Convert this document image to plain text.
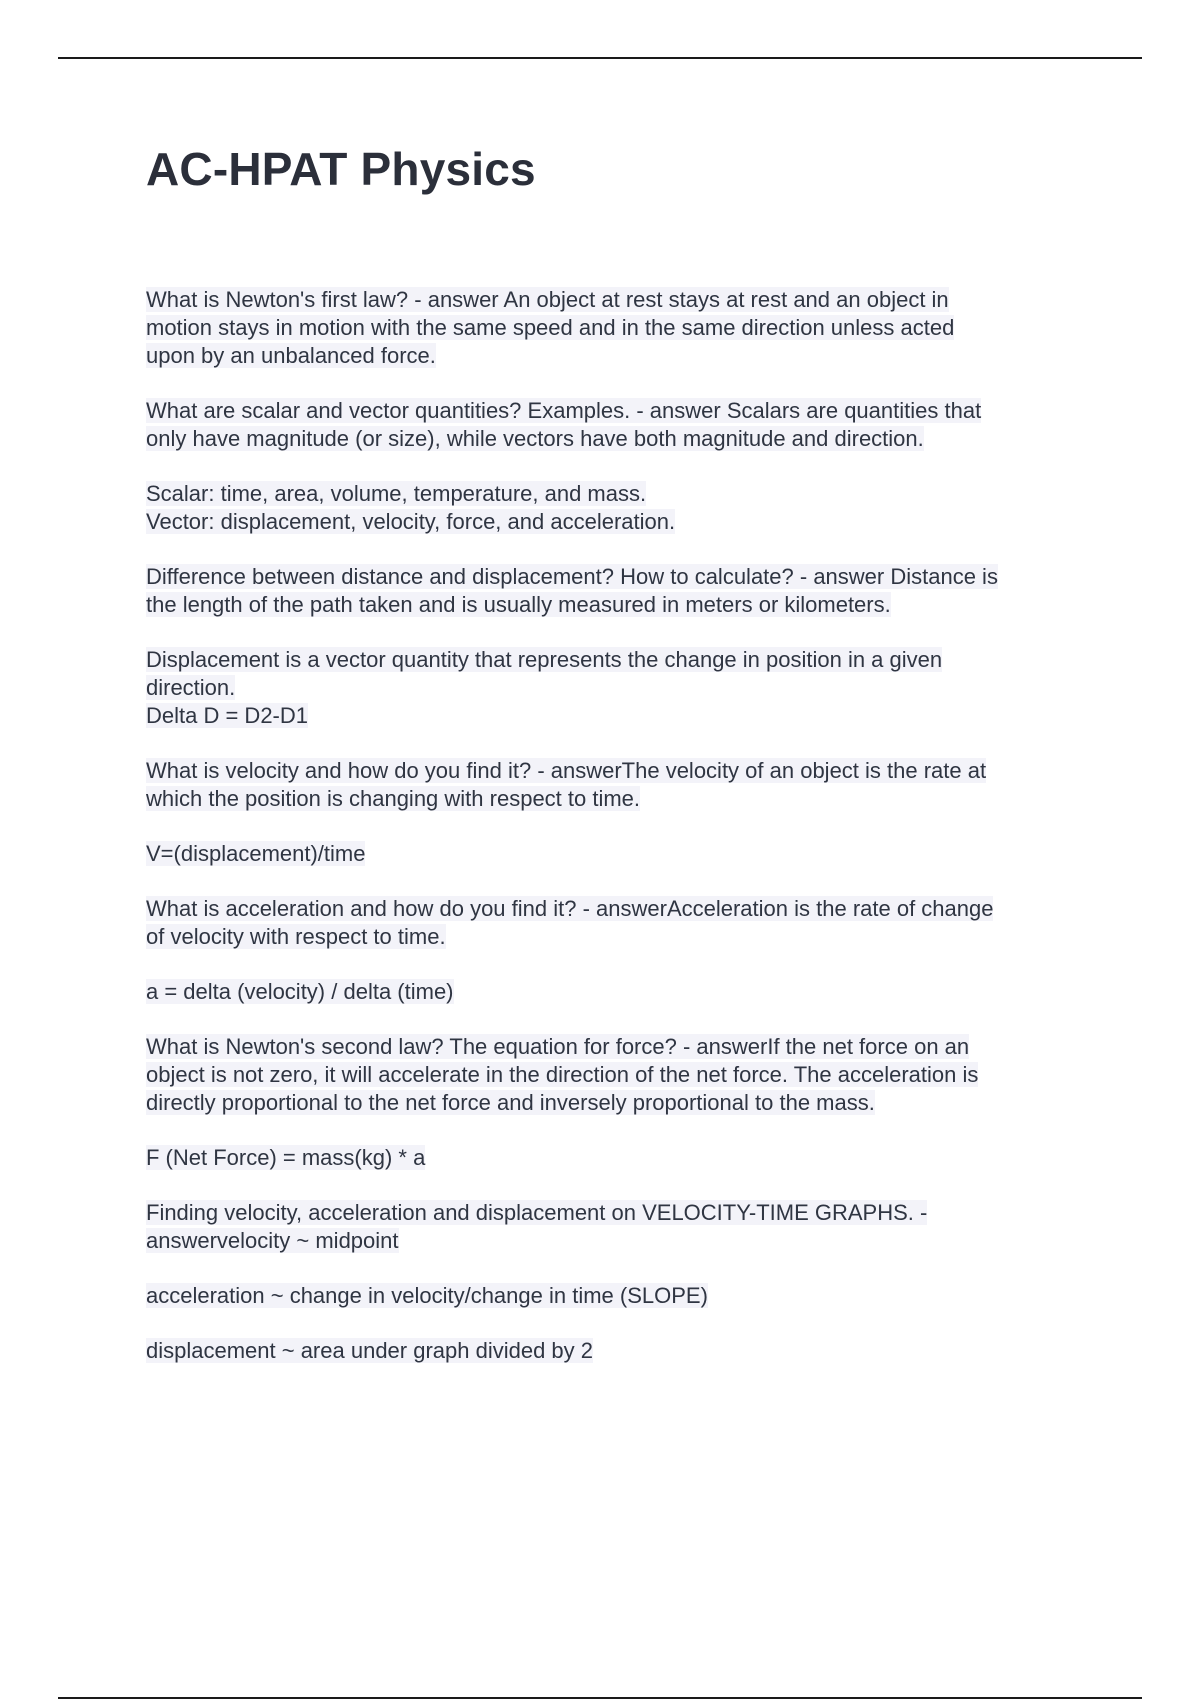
AC-HPAT Physics

What is Newton's first law? - answer An object at rest stays at rest and an object in
motion stays in motion with the same speed and in the same direction unless acted
upon by an unbalanced force.

What are scalar and vector quantities? Examples. - answer Scalars are quantities that
only have magnitude (or size), while vectors have both magnitude and direction.

Scalar: time, area, volume, temperature, and mass.
Vector: displacement, velocity, force, and acceleration.

Difference between distance and displacement? How to calculate? - answer Distance is
the length of the path taken and is usually measured in meters or kilometers.

Displacement is a vector quantity that represents the change in position in a given
direction.
Delta D = D2-D1

What is velocity and how do you find it? - answerThe velocity of an object is the rate at
which the position is changing with respect to time.

V=(displacement)/time

What is acceleration and how do you find it? - answerAcceleration is the rate of change
of velocity with respect to time.

a = delta (velocity) / delta (time)

What is Newton's second law? The equation for force? - answerIf the net force on an
object is not zero, it will accelerate in the direction of the net force. The acceleration is
directly proportional to the net force and inversely proportional to the mass.

F (Net Force) = mass(kg) * a

Finding velocity, acceleration and displacement on VELOCITY-TIME GRAPHS. -
answervelocity ~ midpoint

acceleration ~ change in velocity/change in time (SLOPE)

displacement ~ area under graph divided by 2
